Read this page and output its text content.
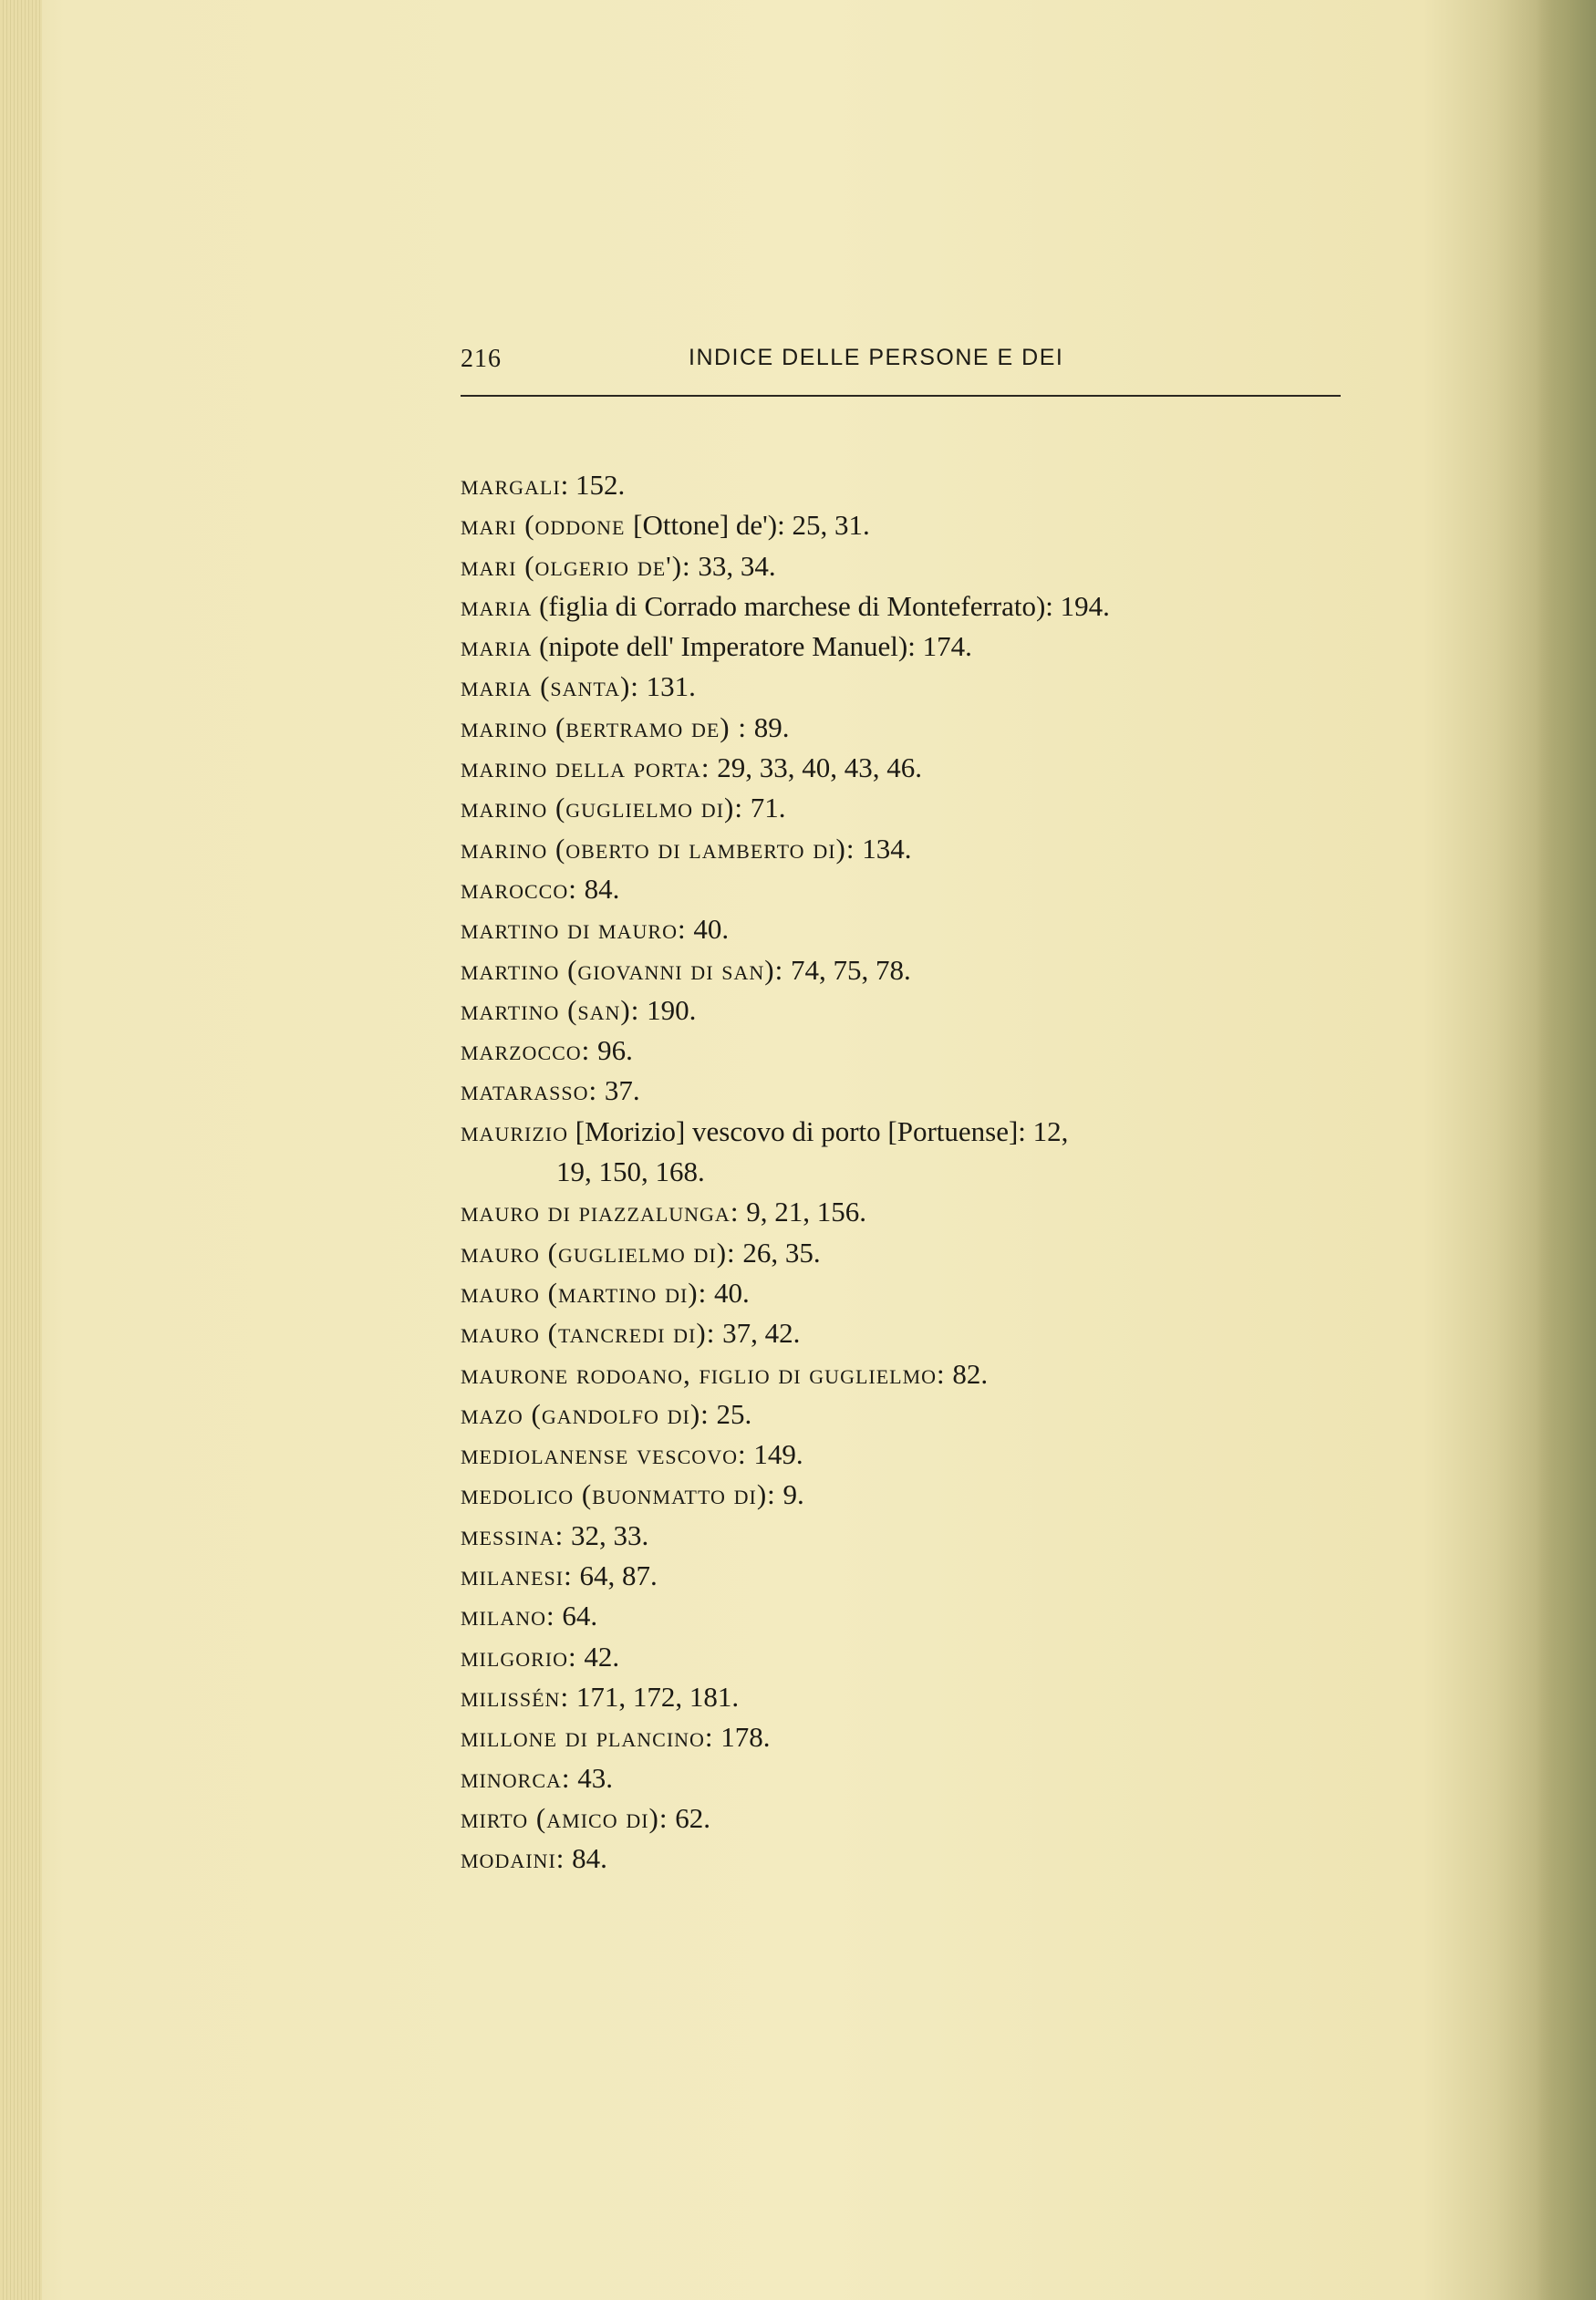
216	INDICE DELLE PERSONE E DEI
margali: 152.
mari (oddone [Ottone] de'): 25, 31.
mari (olgerio de'): 33, 34.
maria (figlia di Corrado marchese di Monteferrato): 194.
maria (nipote dell' Imperatore Manuel): 174.
maria (santa): 131.
marino (bertramo de) : 89.
marino della porta: 29, 33, 40, 43, 46.
marino (guglielmo di): 71.
marino (oberto di lamberto di): 134.
marocco: 84.
martino di mauro: 40.
martino (giovanni di san): 74, 75, 78.
martino (san): 190.
marzocco: 96.
matarasso: 37.
maurizio [Morizio] vescovo di porto [Portuense]: 12,
19, 150, 168.
mauro di piazzalunga: 9, 21, 156.
mauro (guglielmo di): 26, 35.
mauro (martino di): 40.
mauro (tancredi di): 37, 42.
maurone rodoano, figlio di guglielmo: 82.
mazo (gandolfo di): 25.
mediolanense vescovo: 149.
medolico (buonmatto di): 9.
messina: 32, 33.
milanesi: 64, 87.
milano: 64.
milgorio: 42.
milissén: 171, 172, 181.
millone di plancino: 178.
minorca: 43.
mirto (amico di): 62.
modaini: 84.
